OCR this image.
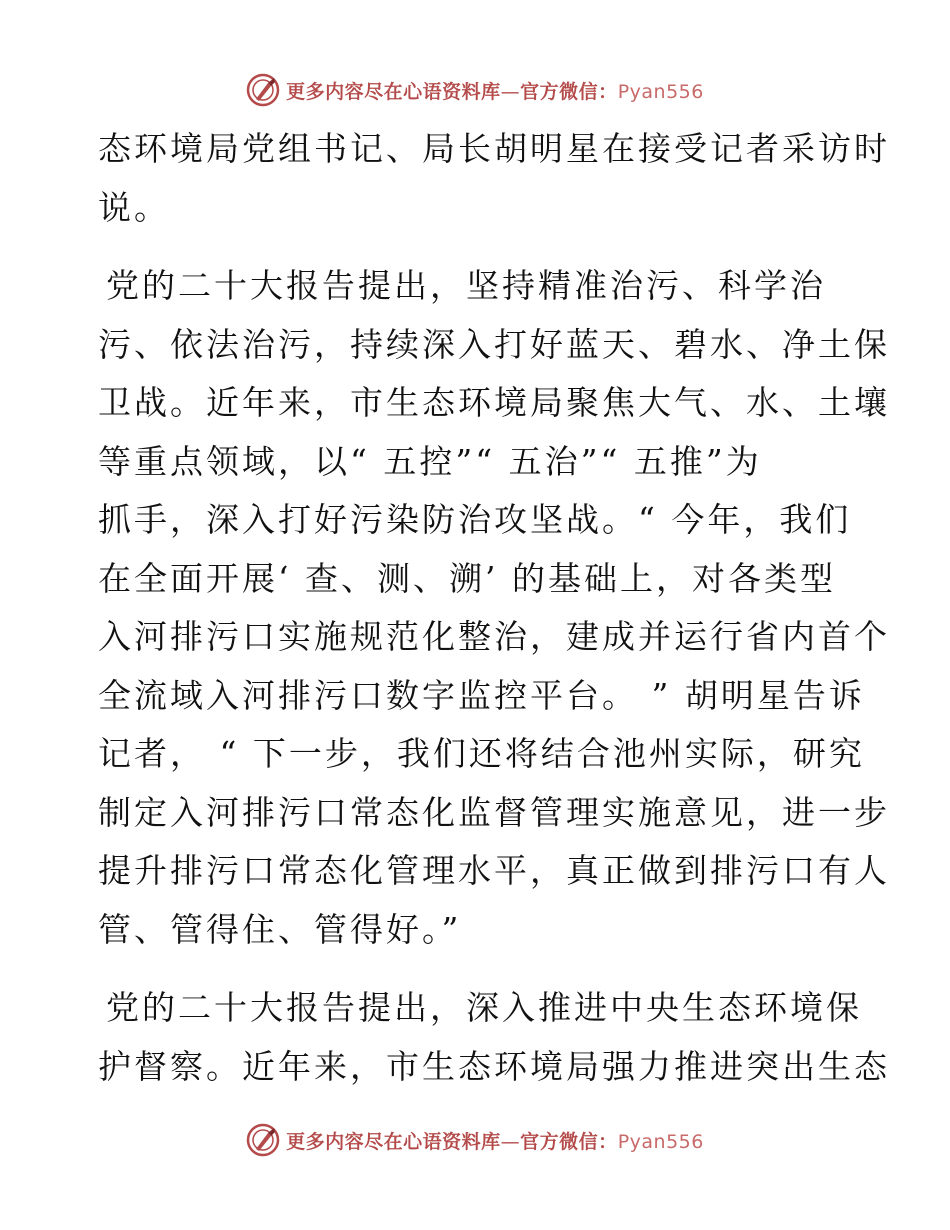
更多内容尽在心语资料库—官方微信：Pyan556

态环境局党组书记、局长胡明星在接受记者采访时
说。

党的二十大报告提出，坚持精准治污、科学治
污、依法治污，持续深入打好蓝天、碧水、净土保
卫战。近年来，市生态环境局聚焦大气、水、土壤
等重点领域，以“ 五控”“ 五治”“ 五推”为
抓手，深入打好污染防治攻坚战。“ 今年，我们
在全面开展‘ 查、测、溯’ 的基础上，对各类型
入河排污口实施规范化整治，建成并运行省内首个
全流域入河排污口数字监控平台。 ” 胡明星告诉
记者， “ 下一步，我们还将结合池州实际，研究
制定入河排污口常态化监督管理实施意见，进一步
提升排污口常态化管理水平，真正做到排污口有人
管、管得住、管得好。”

党的二十大报告提出，深入推进中央生态环境保
护督察。近年来，市生态环境局强力推进突出生态

更多内容尽在心语资料库—官方微信：Pyan556
